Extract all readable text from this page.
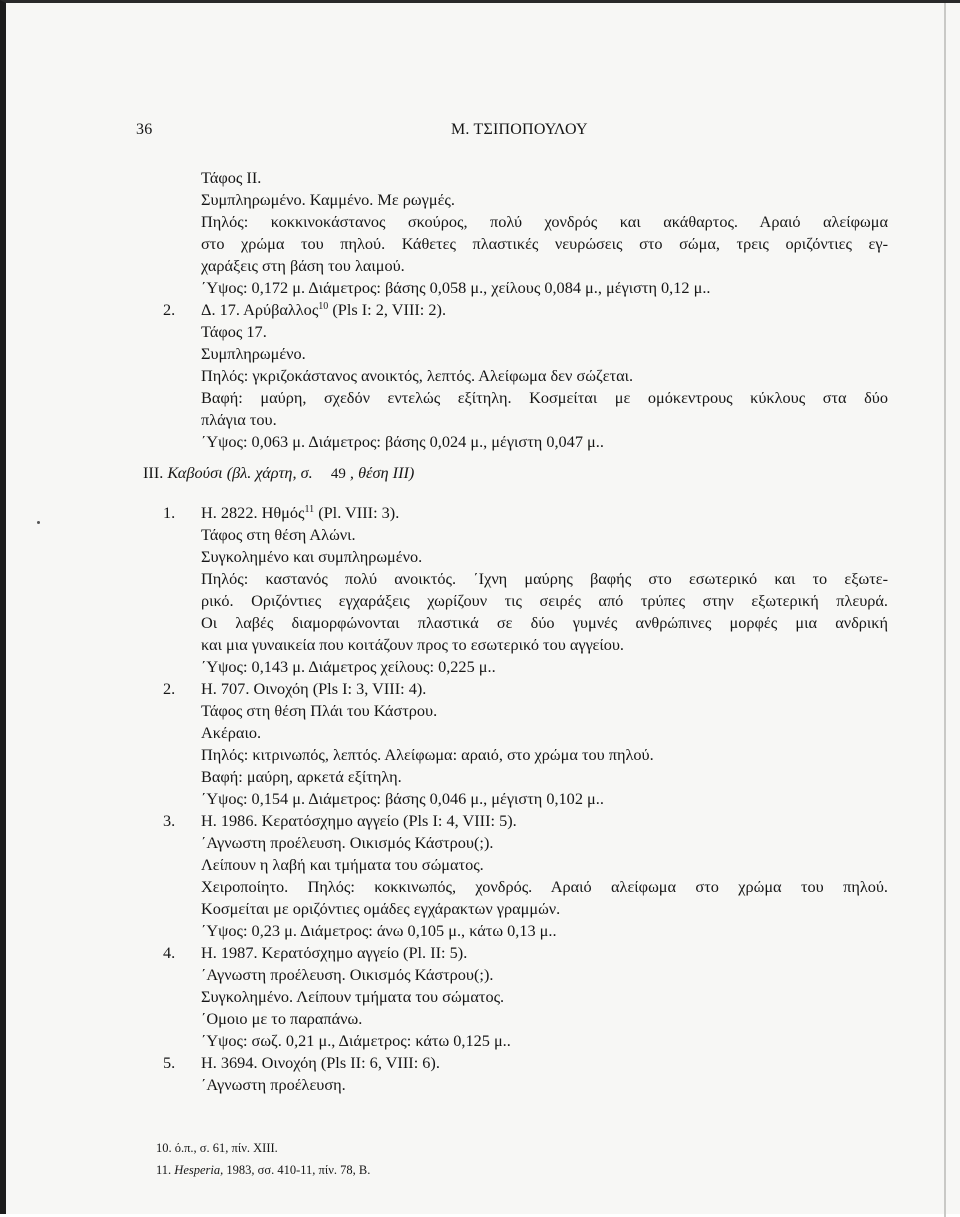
36	Μ. ΤΣΙΠΟΠΟΥΛΟΥ
Τάφος ΙΙ.
Συμπληρωμένο. Καμμένο. Με ρωγμές.
Πηλός: κοκκινοκάστανος σκούρος, πολύ χονδρός και ακάθαρτος. Αραιό αλείφωμα
στο χρώμα του πηλού. Κάθετες πλαστικές νευρώσεις στο σώμα, τρεις οριζόντιες εγ-
χαράξεις στη βάση του λαιμού.
΄Υψος: 0,172 μ. Διάμετρος: βάσης 0,058 μ., χείλους 0,084 μ., μέγιστη 0,12 μ..
2. Δ. 17. Αρύβαλλος$^{10}$ (Pls I: 2, VIII: 2).
Τάφος 17.
Συμπληρωμένο.
Πηλός: γκριζοκάστανος ανοικτός, λεπτός. Αλείφωμα δεν σώζεται.
Βαφή: μαύρη, σχεδόν εντελώς εξίτηλη. Κοσμείται με ομόκεντρους κύκλους στα δύο
πλάγια του.
΄Υψος: 0,063 μ. Διάμετρος: βάσης 0,024 μ., μέγιστη 0,047 μ..
III. Καβούσι (βλ. χάρτη, σ. 49 , θέση III)
1. Η. 2822. Ηθμός$^{11}$ (Pl. VIII: 3).
Τάφος στη θέση Αλώνι.
Συγκολημένο και συμπληρωμένο.
Πηλός: καστανός πολύ ανοικτός. ΄Ιχνη μαύρης βαφής στο εσωτερικό και το εξωτε-
ρικό. Οριζόντιες εγχαράξεις χωρίζουν τις σειρές από τρύπες στην εξωτερική πλευρά.
Οι λαβές διαμορφώνονται πλαστικά σε δύο γυμνές ανθρώπινες μορφές μια ανδρική
και μια γυναικεία που κοιτάζουν προς το εσωτερικό του αγγείου.
΄Υψος: 0,143 μ. Διάμετρος χείλους: 0,225 μ..
2. Η. 707. Οινοχόη (Pls I: 3, VIII: 4).
Τάφος στη θέση Πλάι του Κάστρου.
Ακέραιο.
Πηλός: κιτρινωπός, λεπτός. Αλείφωμα: αραιό, στο χρώμα του πηλού.
Βαφή: μαύρη, αρκετά εξίτηλη.
΄Υψος: 0,154 μ. Διάμετρος: βάσης 0,046 μ., μέγιστη 0,102 μ..
3. Η. 1986. Κερατόσχημο αγγείο (Pls I: 4, VIII: 5).
΄Αγνωστη προέλευση. Οικισμός Κάστρου(;).
Λείπουν η λαβή και τμήματα του σώματος.
Χειροποίητο. Πηλός: κοκκινωπός, χονδρός. Αραιό αλείφωμα στο χρώμα του πηλού.
Κοσμείται με οριζόντιες ομάδες εγχάρακτων γραμμών.
΄Υψος: 0,23 μ. Διάμετρος: άνω 0,105 μ., κάτω 0,13 μ..
4. Η. 1987. Κερατόσχημο αγγείο (Pl. II: 5).
΄Αγνωστη προέλευση. Οικισμός Κάστρου(;).
Συγκολημένο. Λείπουν τμήματα του σώματος.
΄Ομοιο με το παραπάνω.
΄Υψος: σωζ. 0,21 μ., Διάμετρος: κάτω 0,125 μ..
5. Η. 3694. Οινοχόη (Pls II: 6, VIII: 6).
΄Αγνωστη προέλευση.
10. ό.π., σ. 61, πίν. XIII.
11. Hesperia, 1983, σσ. 410-11, πίν. 78, B.
